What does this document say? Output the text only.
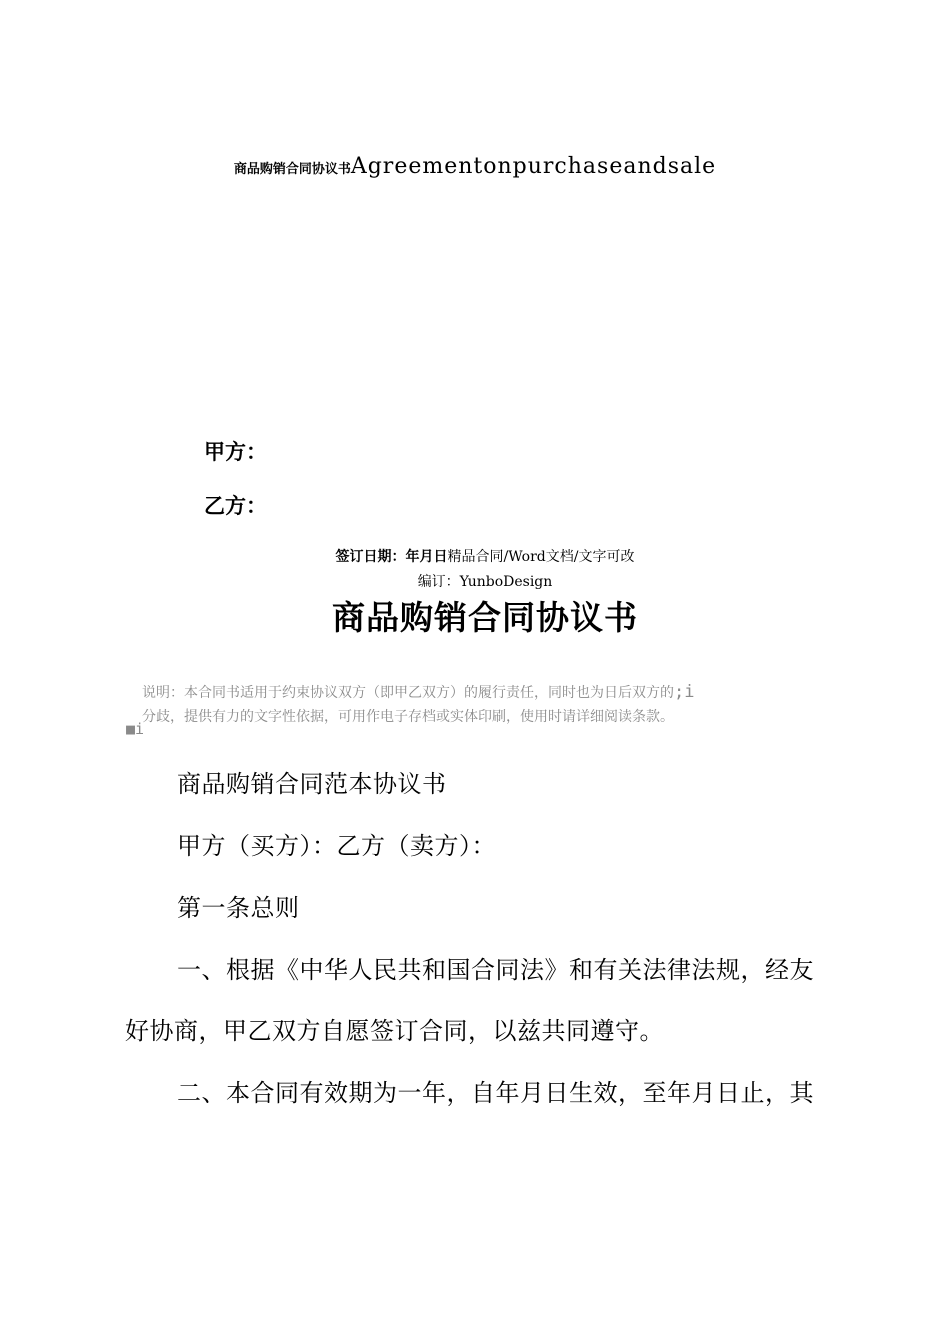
商品购销合同协议书Agreementonpurchaseandsale
甲方：
乙方：
签订日期：年月日精品合同/Word文档/文字可改
编订：YunboDesign
商品购销合同协议书
说明：本合同书适用于约束协议双方（即甲乙双方）的履行责任，同时也为日后双方的;i
分歧，提供有力的文字性依据，可用作电子存档或实体印刷，使用时请详细阅读条款。
■i
商品购销合同范本协议书
甲方（买方）：乙方（卖方）：
第一条总则
一、根据《中华人民共和国合同法》和有关法律法规，经友
好协商，甲乙双方自愿签订合同，以兹共同遵守。
二、本合同有效期为一年，自年月日生效，至年月日止，其
